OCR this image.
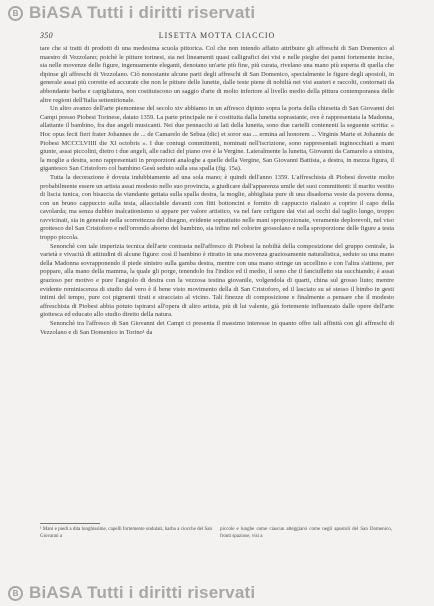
B BiASA Tutti i diritti riservati
350	LISETTA MOTTA CIACCIO

tare che si tratti di prodotti di una medesima scuola pittorica. Col che non intendo affatto attribuire gli affreschi di San Domenico al maestro di Vezzolano; poichè le pitture torinesi, sia nei lineamenti quasi calligrafici dei visi e nelle pieghe dei panni fortemente incise, sia nelle movenze delle figure, ingenuamente eleganti, denotano un'arte più fine, più curata, rivelano una mano più esperta di quella che dipinse gli affreschi di Vezzolano. Ciò nonostante alcune parti degli affreschi di San Domenico, specialmente le figure degli apostoli, in generale assai più corrette ed accurate che non le pitture delle lunette, dalle teste piene di nobiltà nei visi austeri e raccolti, contornati da abbondante barba e capigliatura, non costituiscono un saggio d'arte di molto inferiore al livello medio della pittura contemporanea delle altre regioni dell'Italia settentrionale.

Un altro avanzo dell'arte piemontese del secolo xiv abbiamo in un affresco dipinto sopra la porta della chiesetta di San Giovanni dei Campi presso Piobesi Torinese, datato 1359. La parte principale ne è costituita dalla lunetta soprastante, ove è rappresentata la Madonna, allattante il bambino, fra due angeli musicanti. Nei due pennacchi ai lati della lunetta, sono due cartelli contenenti la seguente scritta: « Hoc opus fecit fieri frater Johannes de ... de Camarelo de Sebua (dic) et soror sua ... ermina ad honorem ... Virginis Marie et Johannis de Piobesi MCCCLVIIII die XI octobris ». I due coniugi committenti, nominati nell'iscrizione, sono rappresentati inginocchiati a mani giunte, assai piccolini, dietro i due angeli, alle radici del piano ove è la Vergine. Lateralmente la lunetta, Giovanni da Camarelo a sinistra, la moglie a destra, sono rappresentati in proporzioni analoghe a quelle della Vergine, San Giovanni Battista, a destra, in mezza figura, il gigantesco San Cristoforo col bambino Gesù seduto sulla sua spalla (fig. 15a).

Tutta la decorazione è dovuta indubbiamente ad una sola mano; è quindi dell'anno 1359. L'affreschista di Piobesi dovette molto probabilmente essere un artista assai modesto nello suo provincia, a giudicare dall'apparenza umile dei suoi committenti: il marito vestito di liscia tunica, con bisaccia da viandante gettata sulla spalla destra, la moglie, abbigliata pure di una disadorna veste da povera donna, con un bruno cappuccio sulla testa, allacciabile davanti con fitti bottoncini e fornito di cappuccio rialzato a coprire il capo della cavolarda; ma senza dubbio inalcationismo si appare per valore artistico, va nel fare cefigure dai visi ad occhi dal taglio lungo, troppo ravvicinati, sia in generale nella scorrettezza del disegno, evidente soprattutto nelle mani sproporzionate, veramente deplorevoli, nel viso grottesco del San Cristoforo e nell'orrendo aborno del bambino, sia infine nel colorire grossolano e nella sproporzione delle figure a testa troppo piccola.

Senonchè con tale imperizia tecnica dell'arte contrasta nell'affresco di Piobesi la nobiltà della composizione del gruppo centrale, la varietà e vivacità di attitudini di alcune figure: così il bambino è ritratto in una movenza graziosamente naturalistica, seduto su una mano della Madonna sovrapponendo il piede sinistro sulla gamba destra, mentre con una mano stringe un uccellino e con l'altra s'attiene, per poppare, alla mano della mamma, la quale gli porge, tenendolo fra l'indice ed il medio, il seno che il fanciulletto sta succhiando; è assai grazioso per motivo e pure l'angiolo di destra con la vezzosa testina giovanile, volgendola di quarti, china sul grosso liuto; mentre evidente reminiscenza di studio dal vero è il bene visto movimento della di San Cristoforo, ed il lasciato su sé stesso il bimbo in gesti intimi del tempo, pure coi pigmenti tirati e stracciato al vicino. Tali finezze di composizione e finalmente a pensare che il modesto affreschista di Piobesi abbia potuto ispirarsi all'opera di altro artista, più di lui valente, già fortemente influenzato dalle opere dell'arte giottesca ed educato allo studio diretto della natura.

Senonchè tra l'affresco di San Giovanni dei Campi ci presenta il massimo interesse in quanto offre tali affinità con gli affreschi di Vezzolano e di San Domenico in Torino¹ da

¹ Mani e piedi a dita lunghissime, capelli fortemente ondulati, barba a ciocche del San Giovanni apiccole e lunghe come ciascun atteggiarsi come negli apostoli del San Domenico, fronti spaziose, visi a
B BiASA Tutti i diritti riservati
